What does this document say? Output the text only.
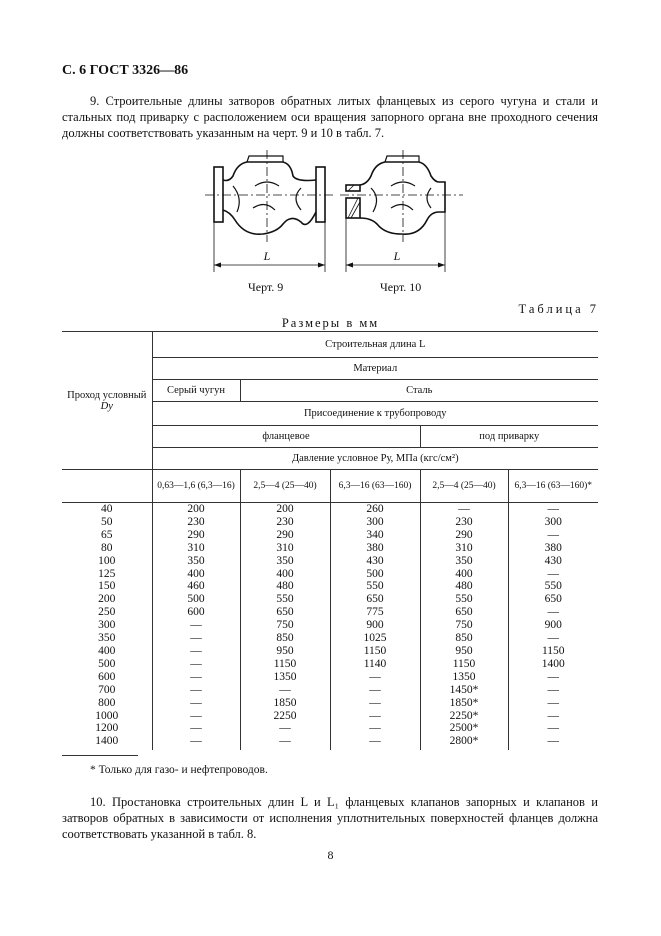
С. 6 ГОСТ 3326—86
9. Строительные длины затворов обратных литых фланцевых из серого чугуна и стали и стальных под приварку с расположением оси вращения запорного органа вне проходного сечения должны соответствовать указанным на черт. 9 и 10 в табл. 7.
L	L
Черт. 9	Черт. 10
Таблица 7
Размеры в мм
Проход условный
Dу	Строительная длина L				
	Материал				
	Серый чугун	Сталь			
	Присоединение к трубопроводу				
	фланцевое			под приварку	
	Давление условное Pу, МПа (кгс/см²)				
	0,63—1,6 (6,3—16)	2,5—4 (25—40)	6,3—16 (63—160)	2,5—4 (25—40)	6,3—16 (63—160)*
40	200	200	260	—	—
50	230	230	300	230	300
65	290	290	340	290	—
80	310	310	380	310	380
100	350	350	430	350	430
125	400	400	500	400	—
150	460	480	550	480	550
200	500	550	650	550	650
250	600	650	775	650	—
300	—	750	900	750	900
350	—	850	1025	850	—
400	—	950	1150	950	1150
500	—	1150	1140	1150	1400
600	—	1350	—	1350	—
700	—	—	—	1450*	—
800	—	1850	—	1850*	—
1000	—	2250	—	2250*	—
1200	—	—	—	2500*	—
1400	—	—	—	2800*	—
* Только для газо- и нефтепроводов.
10. Простановка строительных длин L и L₁ фланцевых клапанов запорных и клапанов и затворов обратных в зависимости от исполнения уплотнительных поверхностей фланцев должна соответствовать указанной в табл. 8.
8
